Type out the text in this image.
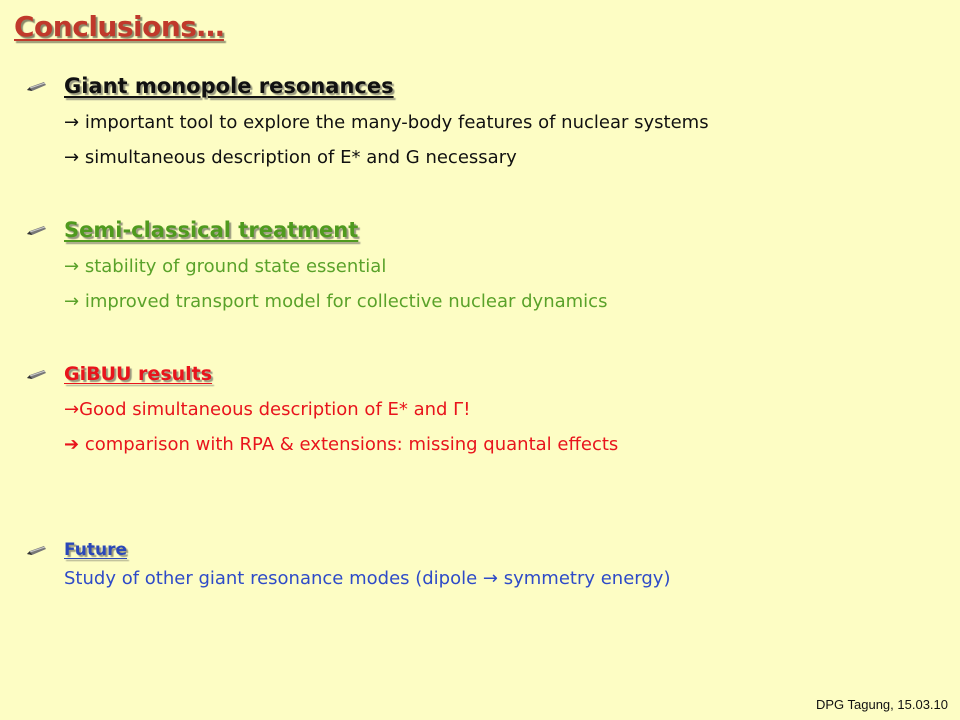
Conclusions…
Giant monopole resonances
→ important tool to explore the many-body features of nuclear systems
→ simultaneous description of E* and G necessary
Semi-classical treatment
→ stability of ground state essential
→ improved transport model for collective nuclear dynamics
GiBUU results
→Good simultaneous description of E* and Γ!
➔ comparison with RPA & extensions: missing quantal effects
Future
Study of other giant resonance modes (dipole → symmetry energy)
DPG Tagung, 15.03.10
